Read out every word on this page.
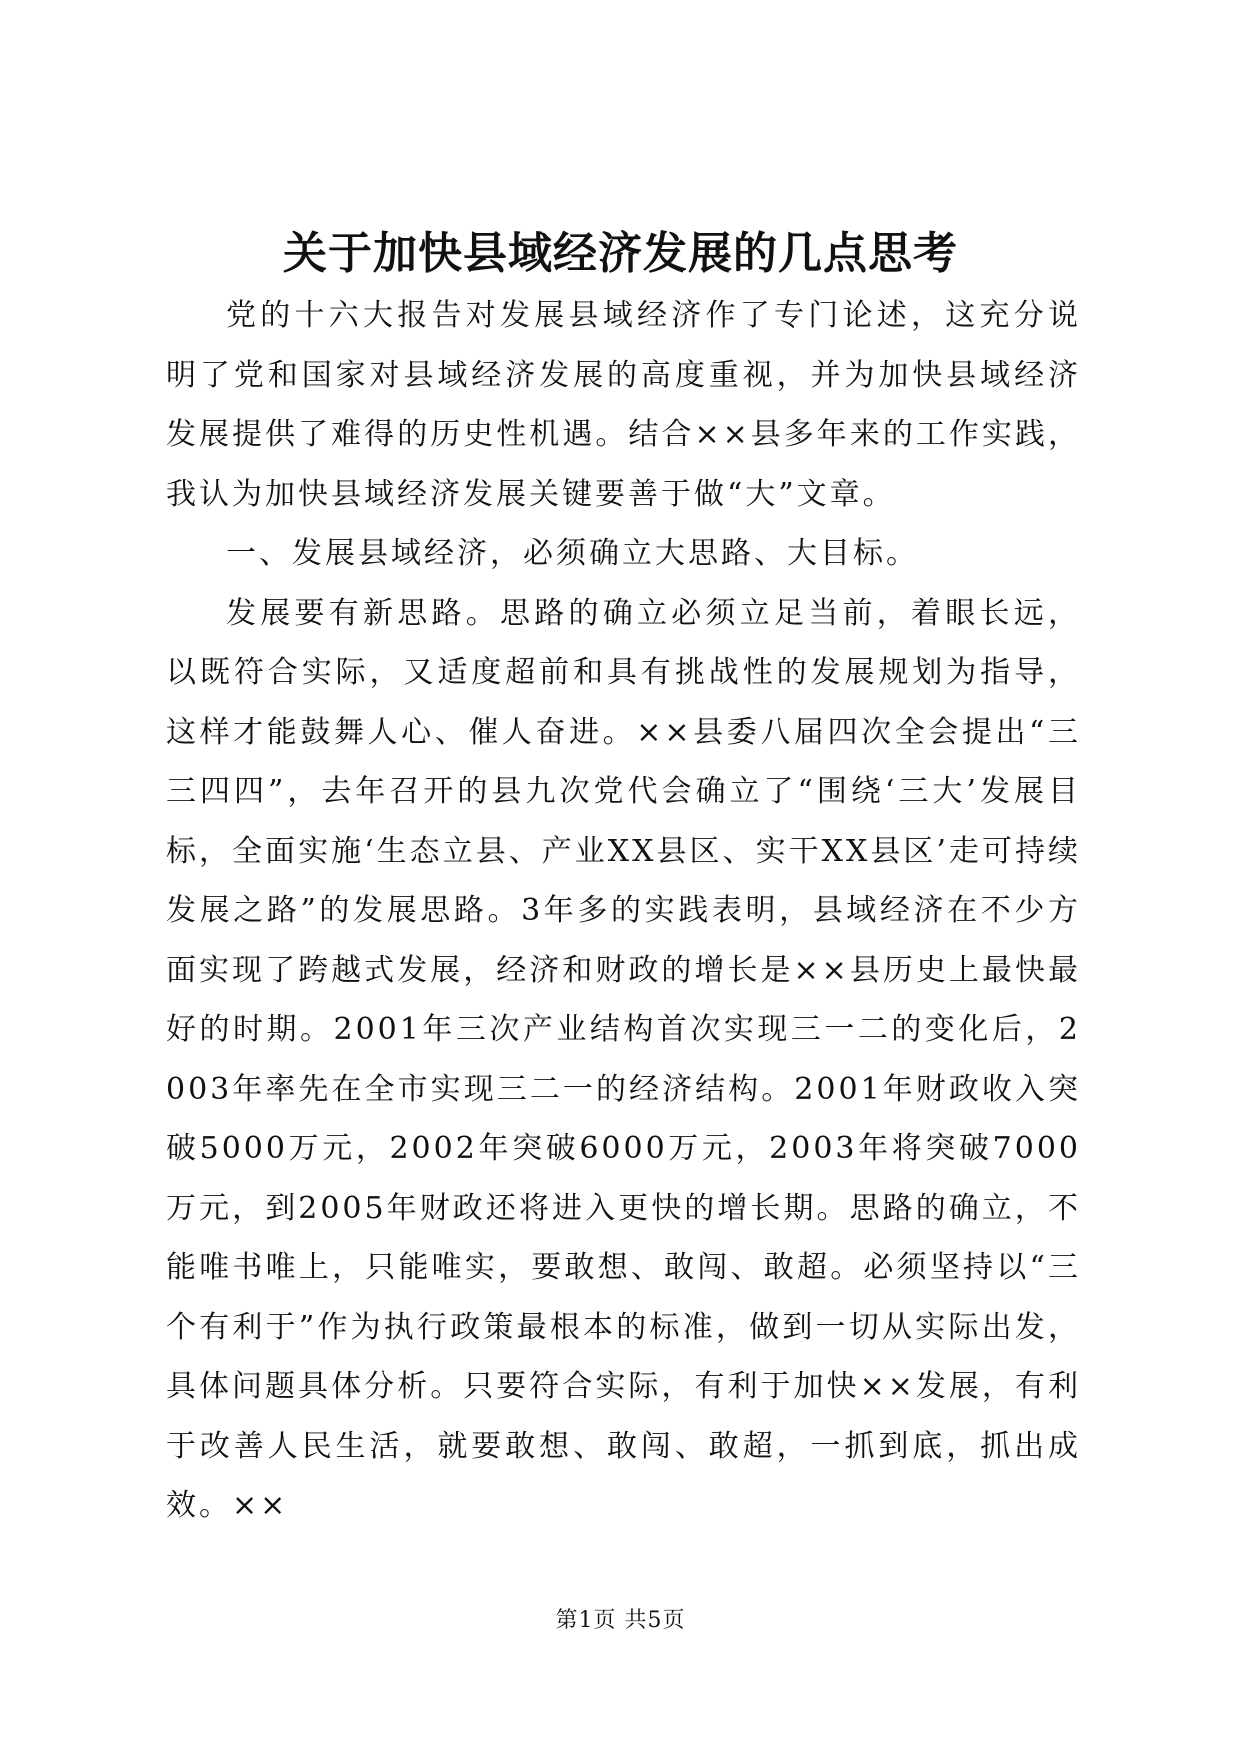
关于加快县域经济发展的几点思考

党的十六大报告对发展县域经济作了专门论述，这充分说明了党和国家对县域经济发展的高度重视，并为加快县域经济发展提供了难得的历史性机遇。结合××县多年来的工作实践，我认为加快县域经济发展关键要善于做“大”文章。

一、发展县域经济，必须确立大思路、大目标。

发展要有新思路。思路的确立必须立足当前，着眼长远，以既符合实际，又适度超前和具有挑战性的发展规划为指导，这样才能鼓舞人心、催人奋进。××县委八届四次全会提出“三三四四”，去年召开的县九次党代会确立了“围绕‘三大’发展目标，全面实施‘生态立县、产业XX县区、实干XX县区’走可持续发展之路”的发展思路。3年多的实践表明，县域经济在不少方面实现了跨越式发展，经济和财政的增长是××县历史上最快最好的时期。2001年三次产业结构首次实现三一二的变化后，2003年率先在全市实现三二一的经济结构。2001年财政收入突破5000万元，2002年突破6000万元，2003年将突破7000万元，到2005年财政还将进入更快的增长期。思路的确立，不能唯书唯上，只能唯实，要敢想、敢闯、敢超。必须坚持以“三个有利于”作为执行政策最根本的标准，做到一切从实际出发，具体问题具体分析。只要符合实际，有利于加快××发展，有利于改善人民生活，就要敢想、敢闯、敢超，一抓到底，抓出成效。××

第1页 共5页
